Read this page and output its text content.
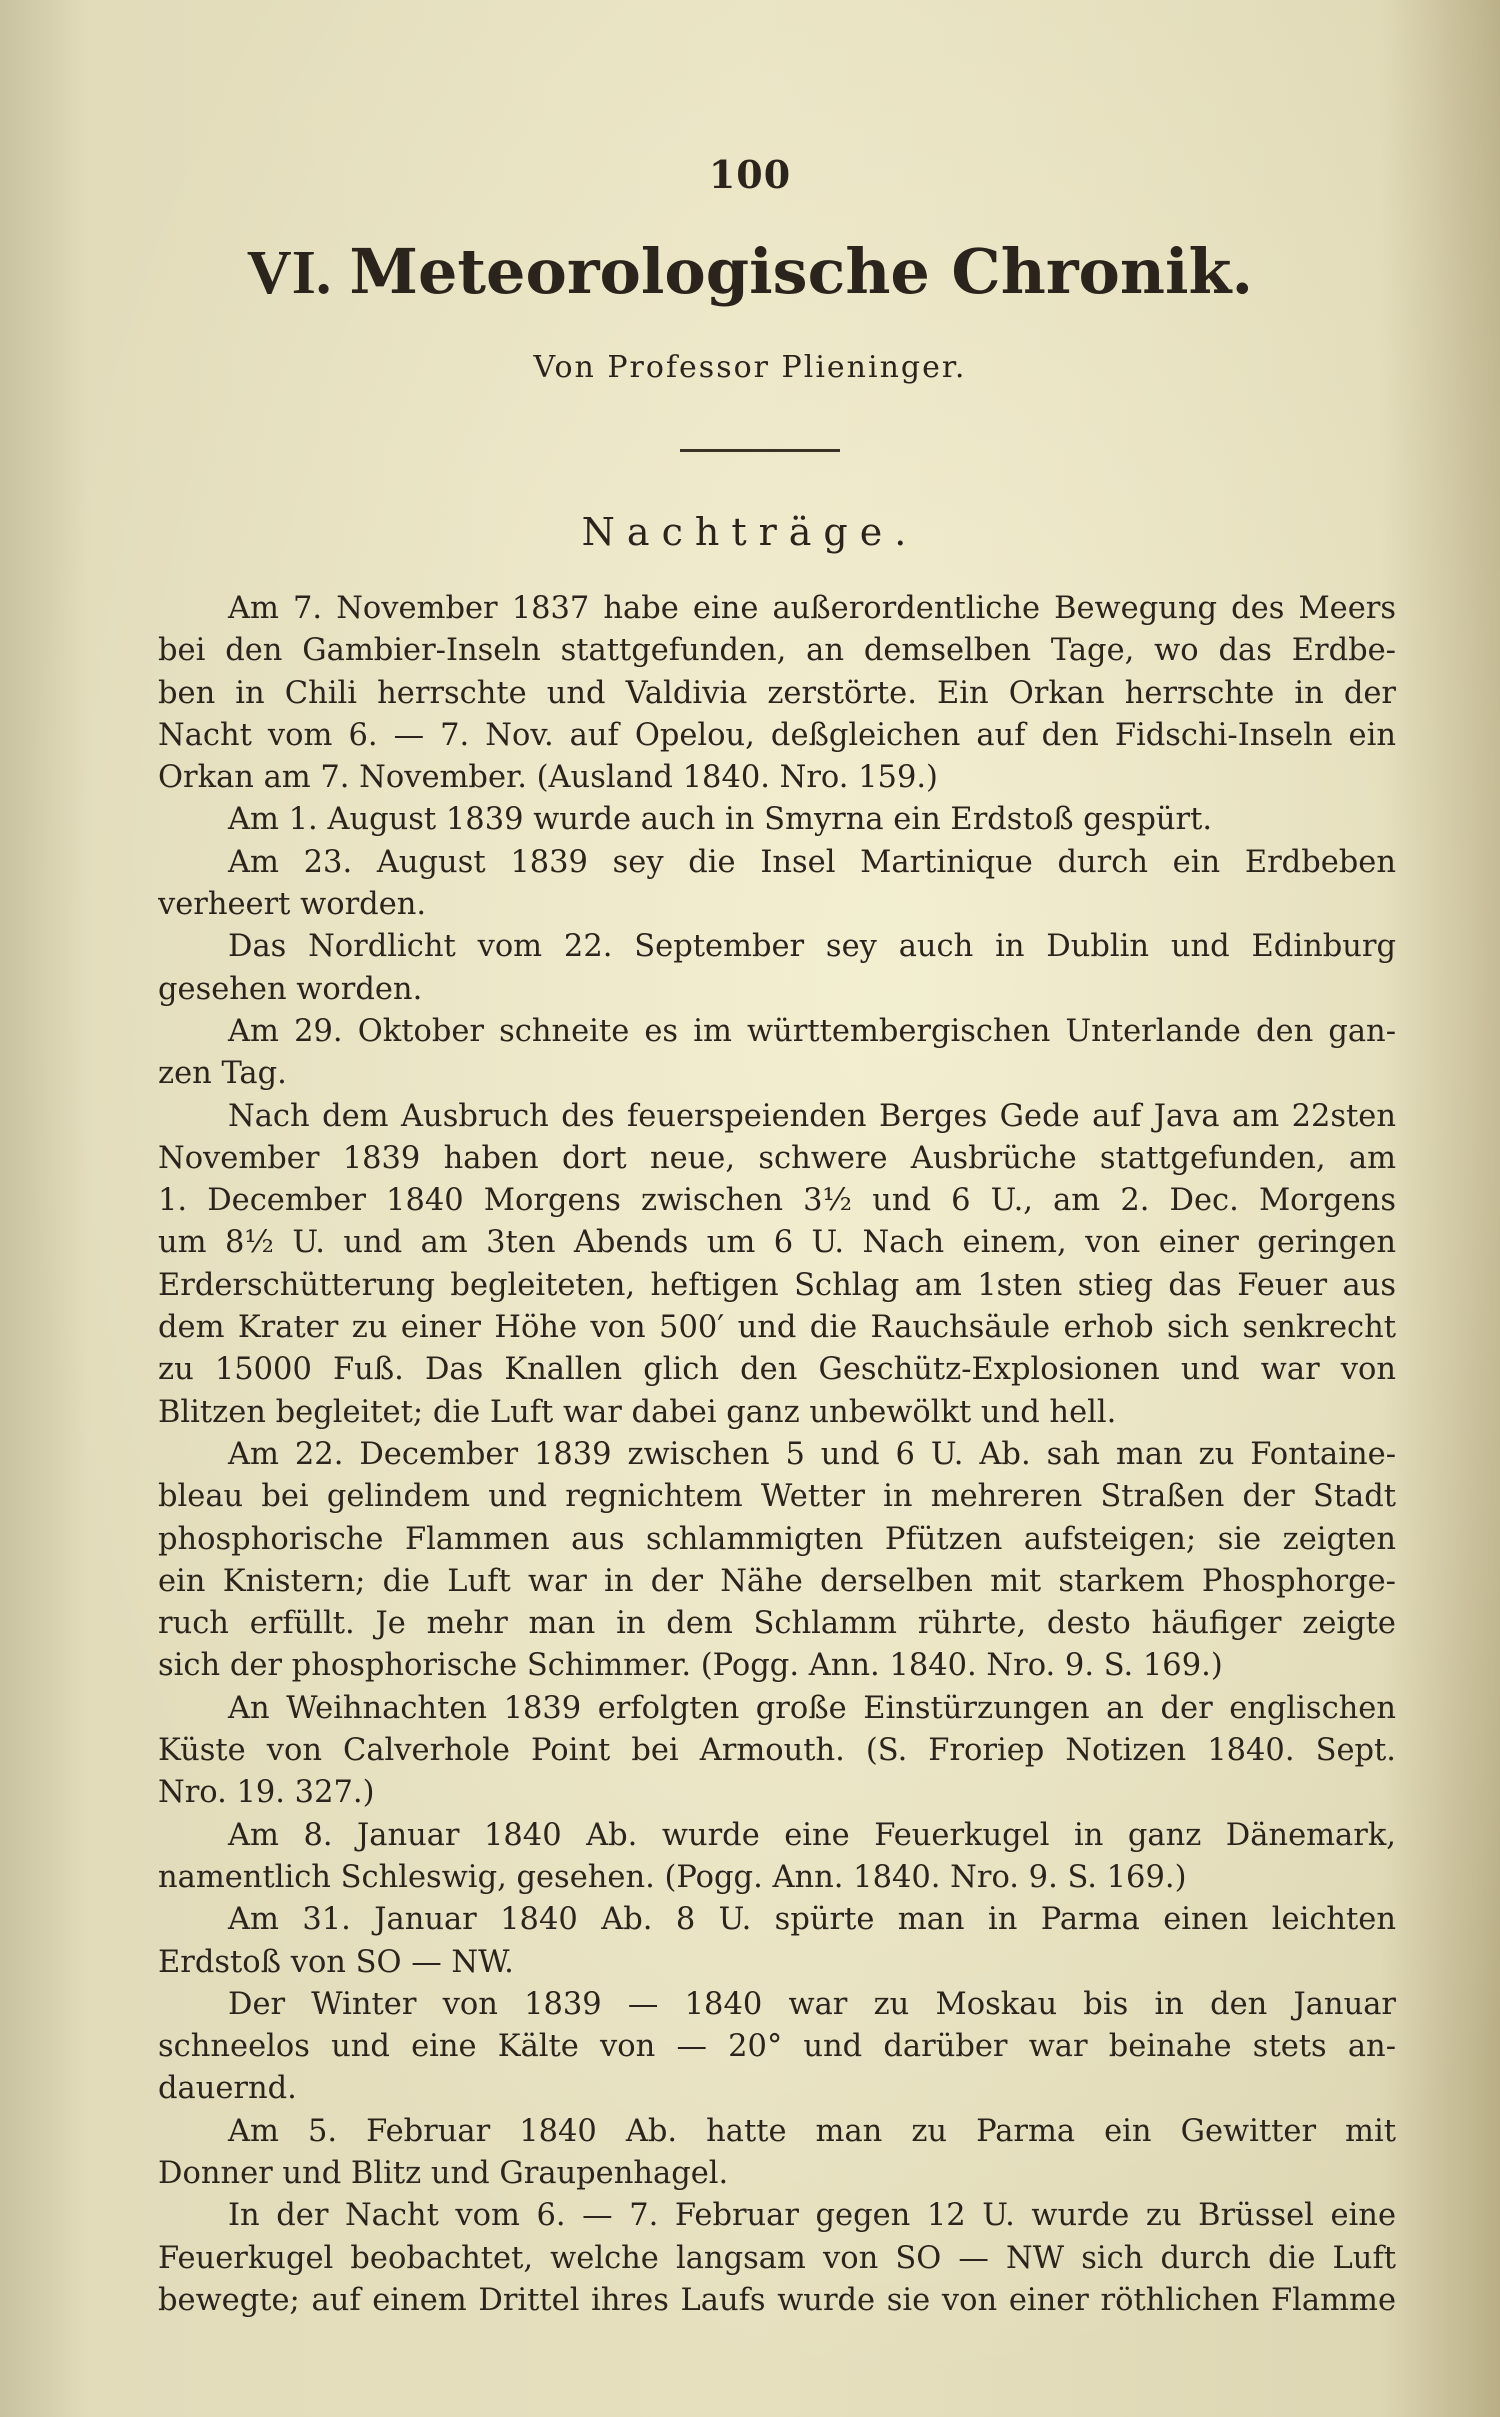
100
VI. Meteorologische Chronik.
Von Professor Plieninger.
Nachträge.
Am 7. November 1837 habe eine außerordentliche Bewegung des Meers
bei den Gambier-Inseln stattgefunden, an demselben Tage, wo das Erdbe-
ben in Chili herrschte und Valdivia zerstörte. Ein Orkan herrschte in der
Nacht vom 6. — 7. Nov. auf Opelou, deßgleichen auf den Fidschi-Inseln ein
Orkan am 7. November. (Ausland 1840. Nro. 159.)
Am 1. August 1839 wurde auch in Smyrna ein Erdstoß gespürt.
Am 23. August 1839 sey die Insel Martinique durch ein Erdbeben
verheert worden.
Das Nordlicht vom 22. September sey auch in Dublin und Edinburg
gesehen worden.
Am 29. Oktober schneite es im württembergischen Unterlande den gan-
zen Tag.
Nach dem Ausbruch des feuerspeienden Berges Gede auf Java am 22sten
November 1839 haben dort neue, schwere Ausbrüche stattgefunden, am
1. December 1840 Morgens zwischen 3½ und 6 U., am 2. Dec. Morgens
um 8½ U. und am 3ten Abends um 6 U. Nach einem, von einer geringen
Erderschütterung begleiteten, heftigen Schlag am 1sten stieg das Feuer aus
dem Krater zu einer Höhe von 500′ und die Rauchsäule erhob sich senkrecht
zu 15000 Fuß. Das Knallen glich den Geschütz-Explosionen und war von
Blitzen begleitet; die Luft war dabei ganz unbewölkt und hell.
Am 22. December 1839 zwischen 5 und 6 U. Ab. sah man zu Fontaine-
bleau bei gelindem und regnichtem Wetter in mehreren Straßen der Stadt
phosphorische Flammen aus schlammigten Pfützen aufsteigen; sie zeigten
ein Knistern; die Luft war in der Nähe derselben mit starkem Phosphorge-
ruch erfüllt. Je mehr man in dem Schlamm rührte, desto häufiger zeigte
sich der phosphorische Schimmer. (Pogg. Ann. 1840. Nro. 9. S. 169.)
An Weihnachten 1839 erfolgten große Einstürzungen an der englischen
Küste von Calverhole Point bei Armouth. (S. Froriep Notizen 1840. Sept.
Nro. 19. 327.)
Am 8. Januar 1840 Ab. wurde eine Feuerkugel in ganz Dänemark,
namentlich Schleswig, gesehen. (Pogg. Ann. 1840. Nro. 9. S. 169.)
Am 31. Januar 1840 Ab. 8 U. spürte man in Parma einen leichten
Erdstoß von SO — NW.
Der Winter von 1839 — 1840 war zu Moskau bis in den Januar
schneelos und eine Kälte von — 20° und darüber war beinahe stets an-
dauernd.
Am 5. Februar 1840 Ab. hatte man zu Parma ein Gewitter mit
Donner und Blitz und Graupenhagel.
In der Nacht vom 6. — 7. Februar gegen 12 U. wurde zu Brüssel eine
Feuerkugel beobachtet, welche langsam von SO — NW sich durch die Luft
bewegte; auf einem Drittel ihres Laufs wurde sie von einer röthlichen Flamme
